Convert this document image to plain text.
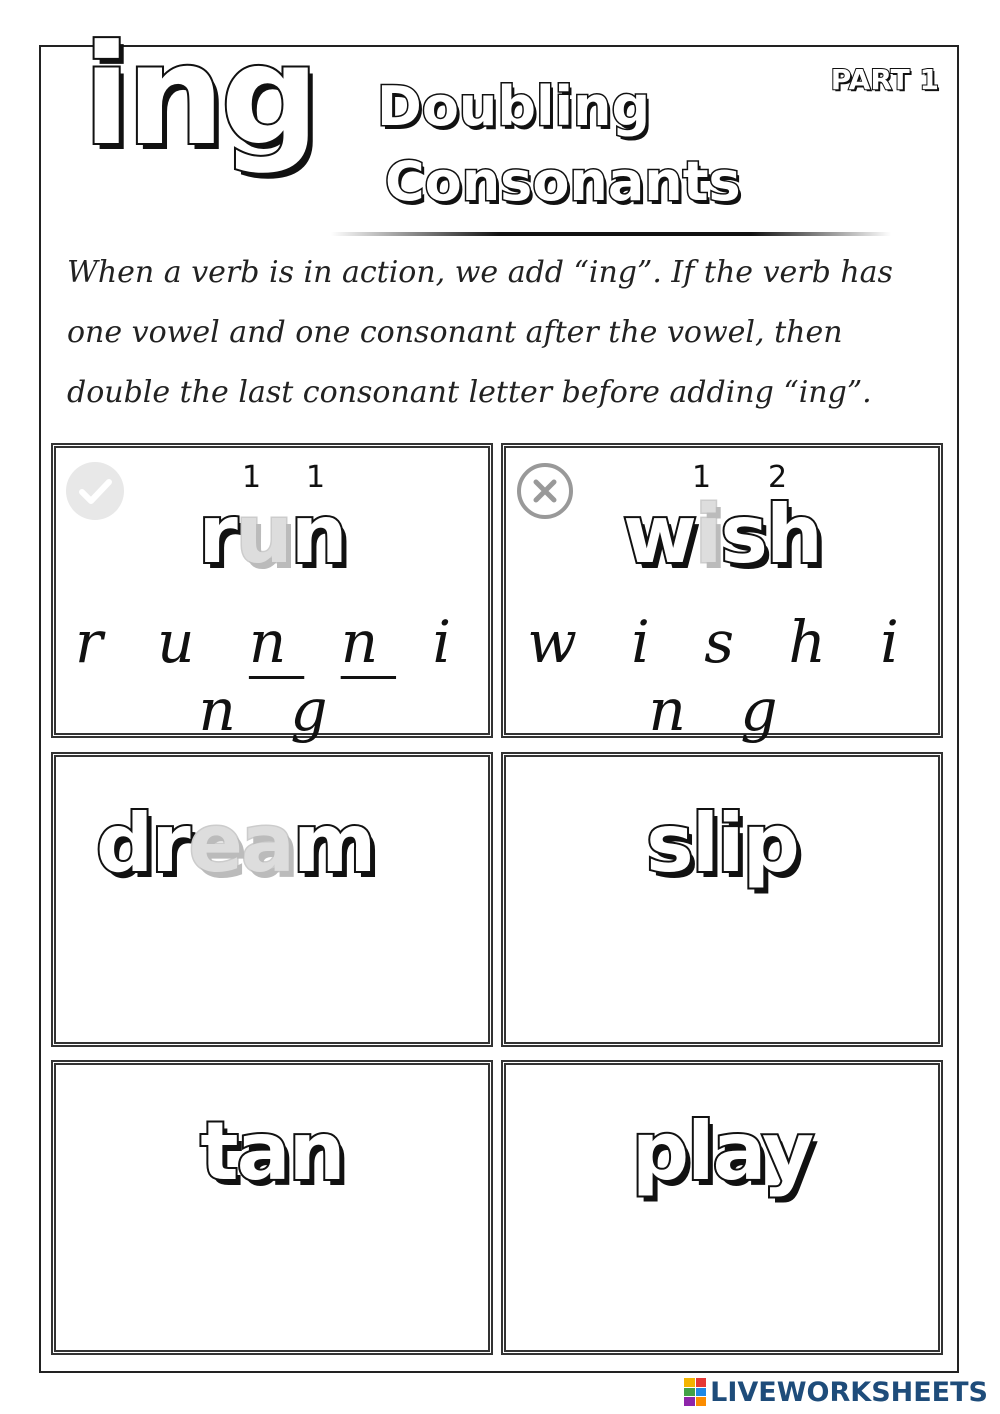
ing Doubling
Consonants
PART 1

When a verb is in action, we add “ing”. If the verb has one vowel and one consonant after the vowel, then double the last consonant letter before adding “ing”.

1 1
run
r u n n i n g
1 2
wish
w i s h i n g
dream	slip
tan	play
LIVEWORKSHEETS
